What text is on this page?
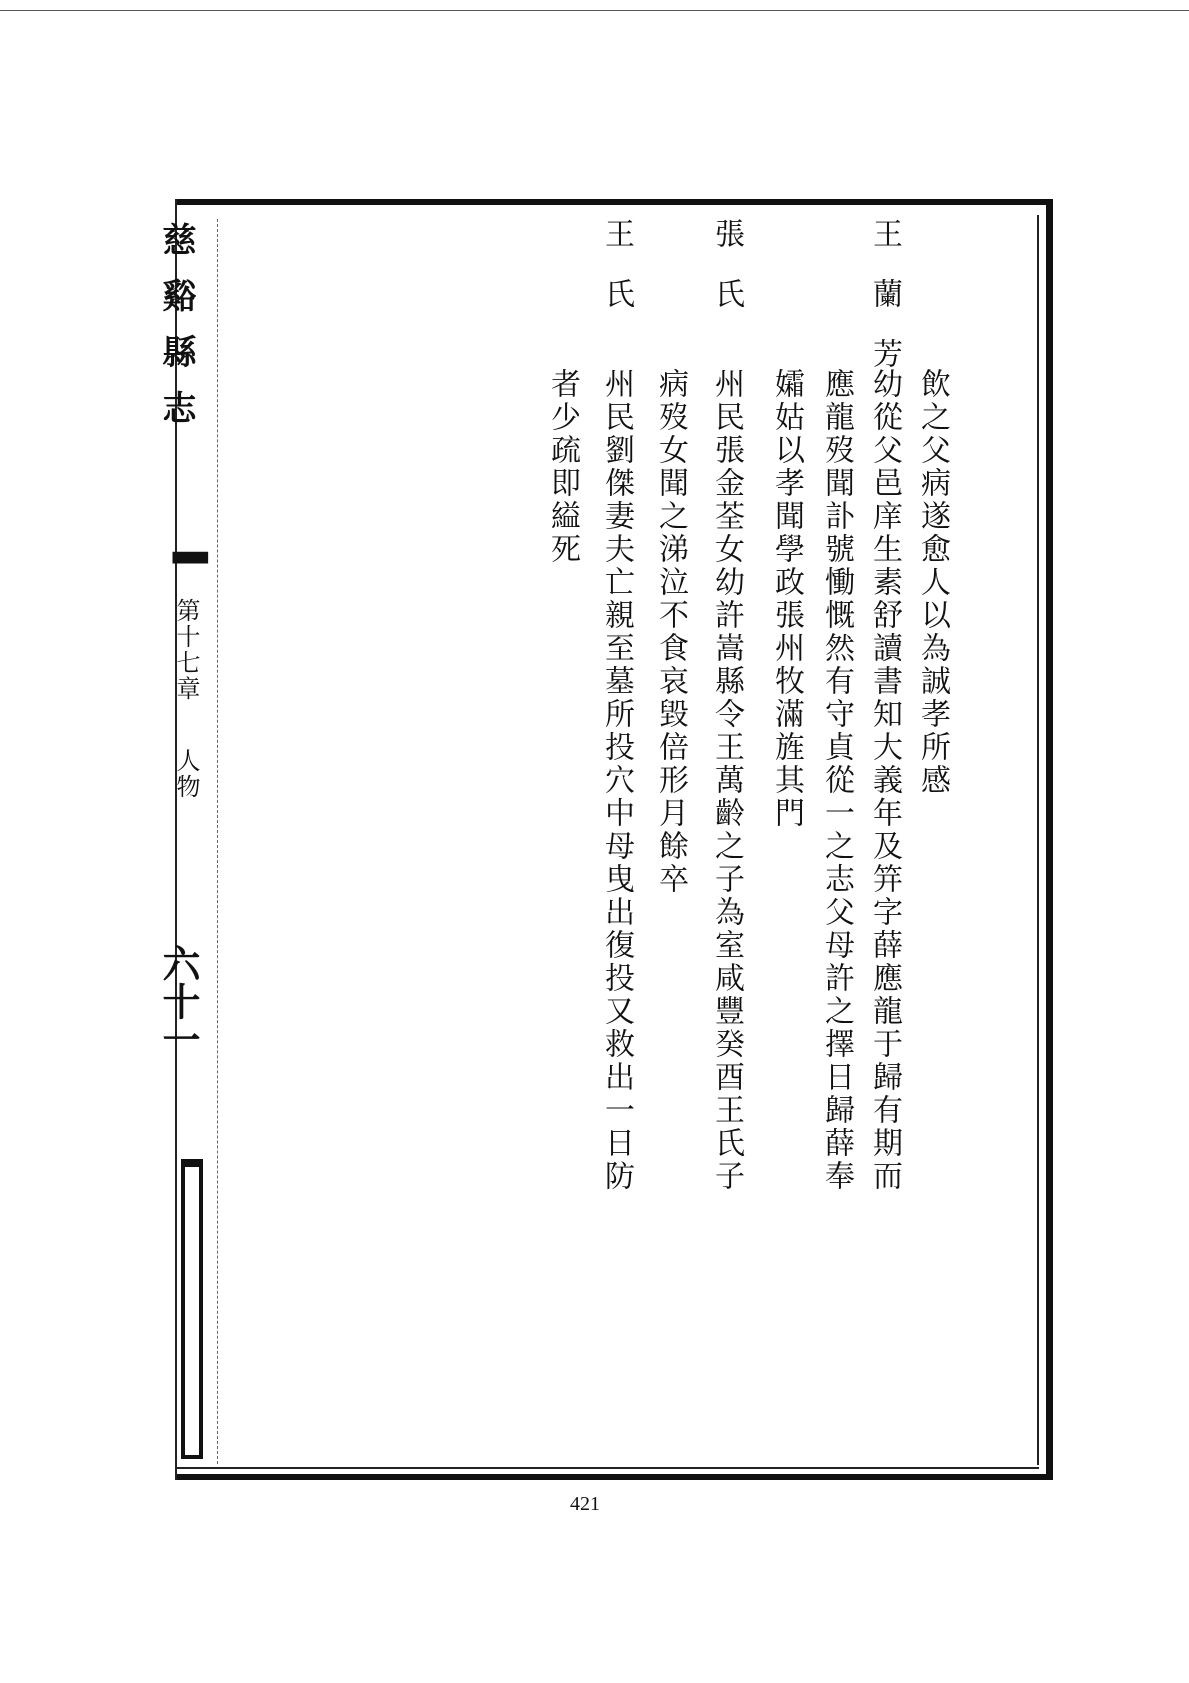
慈谿縣志
▌
第十七章
人物
六十一
飲之父病遂愈人以為誠孝所感
王蘭芳
幼從父邑庠生素舒讀書知大義年及笄字薛應龍于歸有期而
應龍歿聞訃號慟慨然有守貞從一之志父母許之擇日歸薛奉
孀姑以孝聞學政張州牧滿旌其門
張氏
州民張金荃女幼許嵩縣令王萬齡之子為室咸豐癸酉王氏子
病歿女聞之涕泣不食哀毀倍形月餘卒
王氏
州民劉傑妻夫亡親至墓所投穴中母曳出復投又救出一日防
者少疏即縊死
421
